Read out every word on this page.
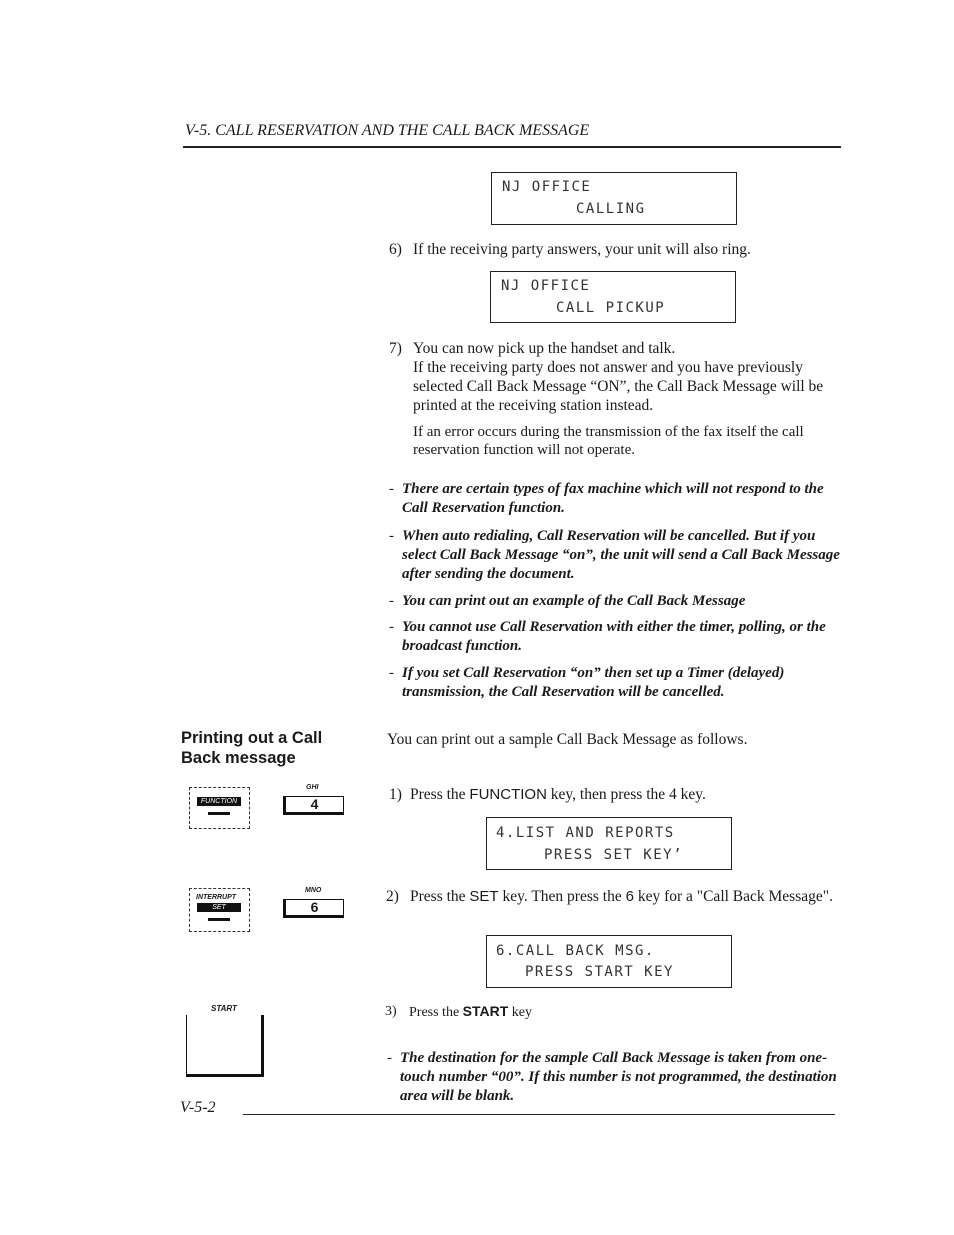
V-5. CALL RESERVATION AND THE CALL BACK MESSAGE
NJ OFFICE
CALLING
6) If the receiving party answers, your unit will also ring.
NJ OFFICE
CALL PICKUP
7) You can now pick up the handset and talk.
If the receiving party does not answer and you have previously selected Call Back Message “ON”, the Call Back Message will be printed at the receiving station instead.
If an error occurs during the transmission of the fax itself the call reservation function will not operate.
- There are certain types of fax machine which will not respond to the Call Reservation function.
- When auto redialing, Call Reservation will be cancelled. But if you select Call Back Message “on”, the unit will send a Call Back Message after sending the document.
- You can print out an example of the Call Back Message
- You cannot use Call Reservation with either the timer, polling, or the broadcast function.
- If you set Call Reservation “on” then set up a Timer (delayed) transmission, the Call Reservation will be cancelled.
Printing out a Call
Back message
You can print out a sample Call Back Message as follows.
FUNCTION
GHI
4
1) Press the FUNCTION key, then press the 4 key.
4.LIST AND REPORTS
PRESS SET KEY’
INTERRUPT
SET
MNO
6
2) Press the SET key. Then press the 6 key for a "Call Back Message".
6.CALL BACK MSG.
PRESS START KEY
START	3) Press the START key
- The destination for the sample Call Back Message is taken from one-touch number “00”. If this number is not programmed, the destination area will be blank.
V-5-2
